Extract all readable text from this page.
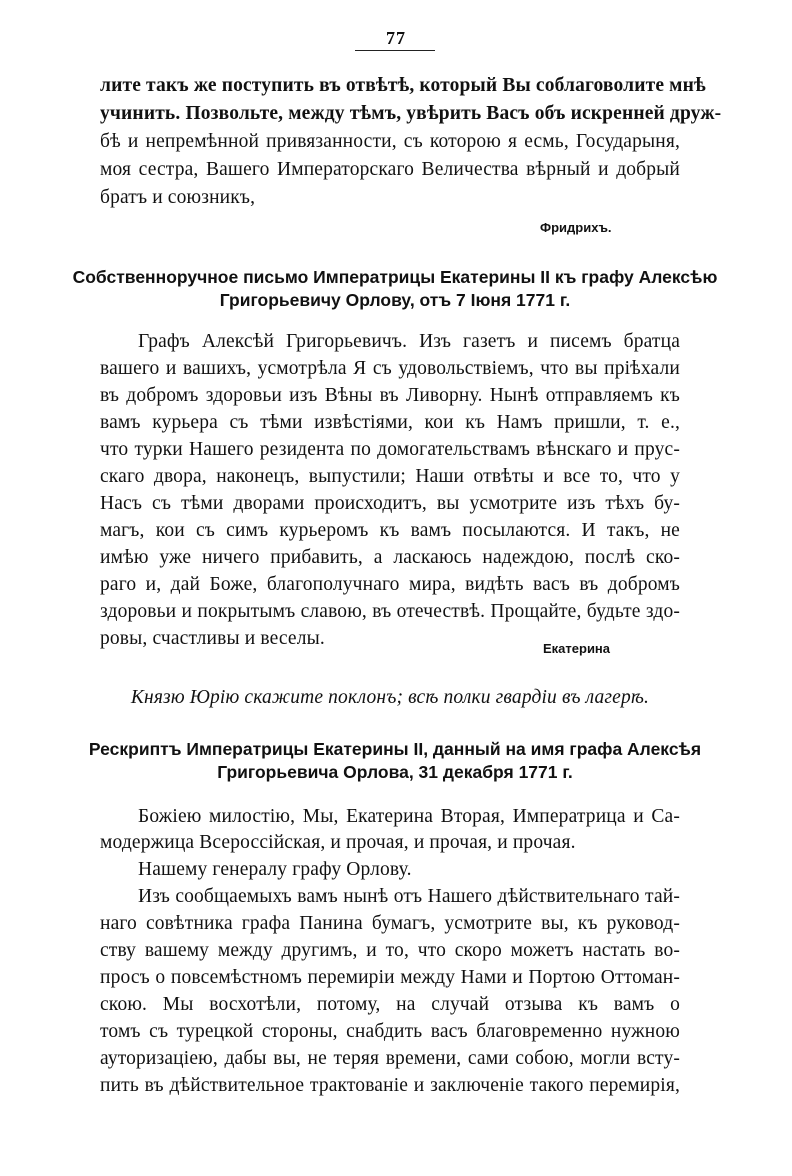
77
лите такъ же поступить въ отвѣтѣ, который Вы соблаговолите мнѣ
учинить. Позвольте, между тѣмъ, увѣрить Васъ объ искренней друж-
бѣ и непремѣнной привязанности, съ которою я есмь, Государыня,
моя сестра, Вашего Императорскаго Величества вѣрный и добрый
братъ и союзникъ,
Фридрихъ.
Собственноручное письмо Императрицы Екатерины II къ графу Алексѣю
Григорьевичу Орлову, отъ 7 Іюня 1771 г.
Графъ Алексѣй Григорьевичъ. Изъ газетъ и писемъ братца
вашего и вашихъ, усмотрѣла Я съ удовольствіемъ, что вы пріѣхали
въ добромъ здоровьи изъ Вѣны въ Ливорну. Нынѣ отправляемъ къ
вамъ курьера съ тѣми извѣстіями, кои къ Намъ пришли, т. е.,
что турки Нашего резидента по домогательствамъ вѣнскаго и прус-
скаго двора, наконецъ, выпустили; Наши отвѣты и все то, что у
Насъ съ тѣми дворами происходитъ, вы усмотрите изъ тѣхъ бу-
магъ, кои съ симъ курьеромъ къ вамъ посылаются. И такъ, не
имѣю уже ничего прибавить, а ласкаюсь надеждою, послѣ ско-
раго и, дай Боже, благополучнаго мира, видѣть васъ въ добромъ
здоровьи и покрытымъ славою, въ отечествѣ. Прощайте, будьте здо-
ровы, счастливы и веселы.	Екатерина
Князю Юрію скажите поклонъ; всѣ полки гвардіи въ лагерѣ.
Рескриптъ Императрицы Екатерины II, данный на имя графа Алексѣя
Григорьевича Орлова, 31 декабря 1771 г.
Божіею милостію, Мы, Екатерина Вторая, Императрица и Са-
модержица Всероссійская, и прочая, и прочая, и прочая.
Нашему генералу графу Орлову.
Изъ сообщаемыхъ вамъ нынѣ отъ Нашего дѣйствительнаго тай-
наго совѣтника графа Панина бумагъ, усмотрите вы, къ руковод-
ству вашему между другимъ, и то, что скоро можетъ настать во-
просъ о повсемѣстномъ перемиріи между Нами и Портою Оттоман-
скою. Мы восхотѣли, потому, на случай отзыва къ вамъ о
томъ съ турецкой стороны, снабдить васъ благовременно нужною
ауторизаціею, дабы вы, не теряя времени, сами собою, могли всту-
пить въ дѣйствительное трактованіе и заключеніе такого перемирія,
